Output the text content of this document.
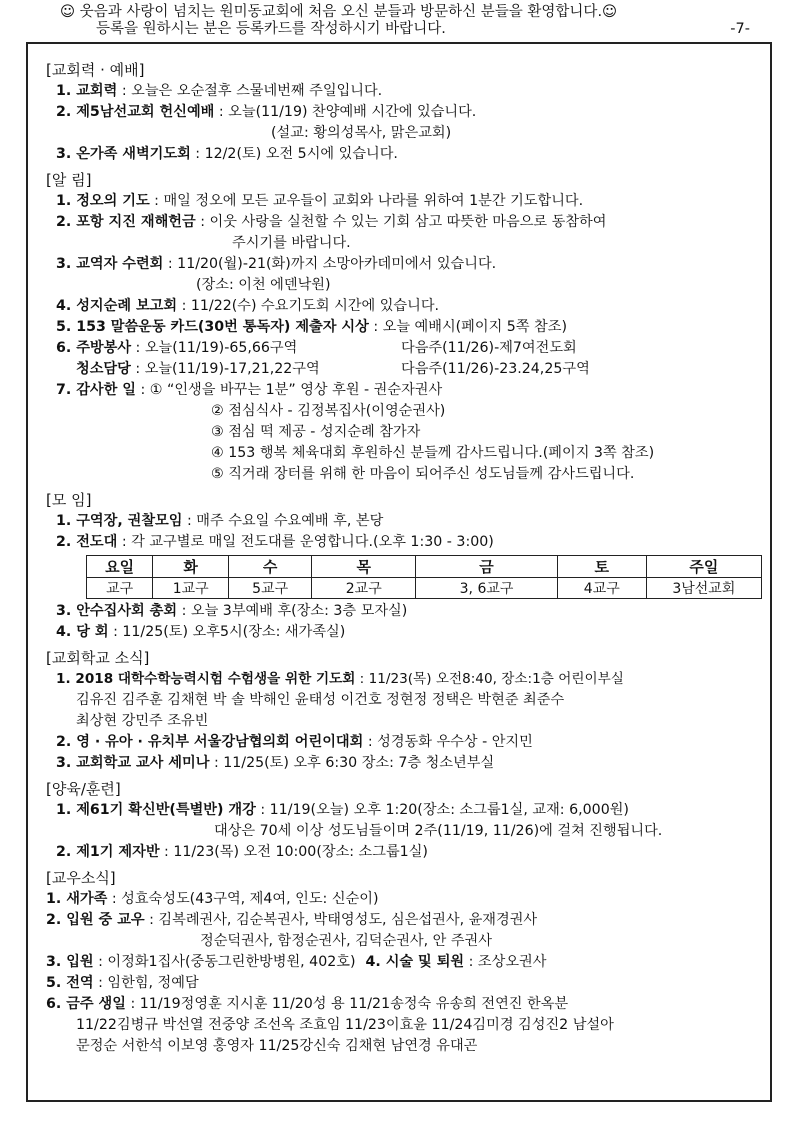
☺ 웃음과 사랑이 넘치는 원미동교회에 처음 오신 분들과 방문하신 분들을 환영합니다.☺
등록을 원하시는 분은 등록카드를 작성하시기 바랍니다.	-7-
[교회력 · 예배]
1. 교회력 : 오늘은 오순절후 스물네번째 주일입니다.
2. 제5남선교회 헌신예배 : 오늘(11/19) 찬양예배 시간에 있습니다.
(설교: 황의성목사, 맑은교회)
3. 온가족 새벽기도회 : 12/2(토) 오전 5시에 있습니다.
[알 림]
1. 정오의 기도 : 매일 정오에 모든 교우들이 교회와 나라를 위하여 1분간 기도합니다.
2. 포항 지진 재해헌금 : 이웃 사랑을 실천할 수 있는 기회 삼고 따뜻한 마음으로 동참하여
주시기를 바랍니다.
3. 교역자 수련회 : 11/20(월)-21(화)까지 소망아카데미에서 있습니다.
(장소: 이천 에덴낙원)
4. 성지순례 보고회 : 11/22(수) 수요기도회 시간에 있습니다.
5. 153 말씀운동 카드(30번 통독자) 제출자 시상 : 오늘 예배시(페이지 5쪽 참조)
6. 주방봉사 : 오늘(11/19)-65,66구역	다음주(11/26)-제7여전도회
청소담당 : 오늘(11/19)-17,21,22구역	다음주(11/26)-23.24,25구역
7. 감사한 일 : ① “인생을 바꾸는 1분” 영상 후원 - 권순자권사
② 점심식사 - 김정복집사(이영순권사)
③ 점심 떡 제공 - 성지순례 참가자
④ 153 행복 체육대회 후원하신 분들께 감사드립니다.(페이지 3쪽 참조)
⑤ 직거래 장터를 위해 한 마음이 되어주신 성도님들께 감사드립니다.
[모 임]
1. 구역장, 권찰모임 : 매주 수요일 수요예배 후, 본당
2. 전도대 : 각 교구별로 매일 전도대를 운영합니다.(오후 1:30 - 3:00)
요일	화	수	목	금	토	주일
교구	1교구	5교구	2교구	3, 6교구	4교구	3남선교회
3. 안수집사회 총회 : 오늘 3부예배 후(장소: 3층 모자실)
4. 당 회 : 11/25(토) 오후5시(장소: 새가족실)
[교회학교 소식]
1. 2018 대학수학능력시험 수험생을 위한 기도회 : 11/23(목) 오전8:40, 장소:1층 어린이부실
김유진 김주훈 김채현 박 솔 박해인 윤태성 이건호 정현정 정택은 박현준 최준수
최상현 강민주 조유빈
2. 영 · 유아 · 유치부 서울강남협의회 어린이대회 : 성경동화 우수상 - 안지민
3. 교회학교 교사 세미나 : 11/25(토) 오후 6:30 장소: 7층 청소년부실
[양육/훈련]
1. 제61기 확신반(특별반) 개강 : 11/19(오늘) 오후 1:20(장소: 소그룹1실, 교재: 6,000원)
대상은 70세 이상 성도님들이며 2주(11/19, 11/26)에 걸쳐 진행됩니다.
2. 제1기 제자반 : 11/23(목) 오전 10:00(장소: 소그룹1실)
[교우소식]
1. 새가족 : 성효숙성도(43구역, 제4여, 인도: 신순이)
2. 입원 중 교우 : 김복례권사, 김순복권사, 박태영성도, 심은섭권사, 윤재경권사
정순덕권사, 함정순권사, 김덕순권사, 안 주권사
3. 입원 : 이정화1집사(중동그린한방병원, 402호) 4. 시술 및 퇴원 : 조상오권사
5. 전역 : 임한힘, 정예담
6. 금주 생일 : 11/19정영훈 지시훈 11/20성 용 11/21송정숙 유송희 전연진 한옥분
11/22김병규 박선열 전중양 조선옥 조효임 11/23이효윤 11/24김미경 김성진2 남설아
문정순 서한석 이보영 홍영자 11/25강신숙 김채현 남연경 유대곤
